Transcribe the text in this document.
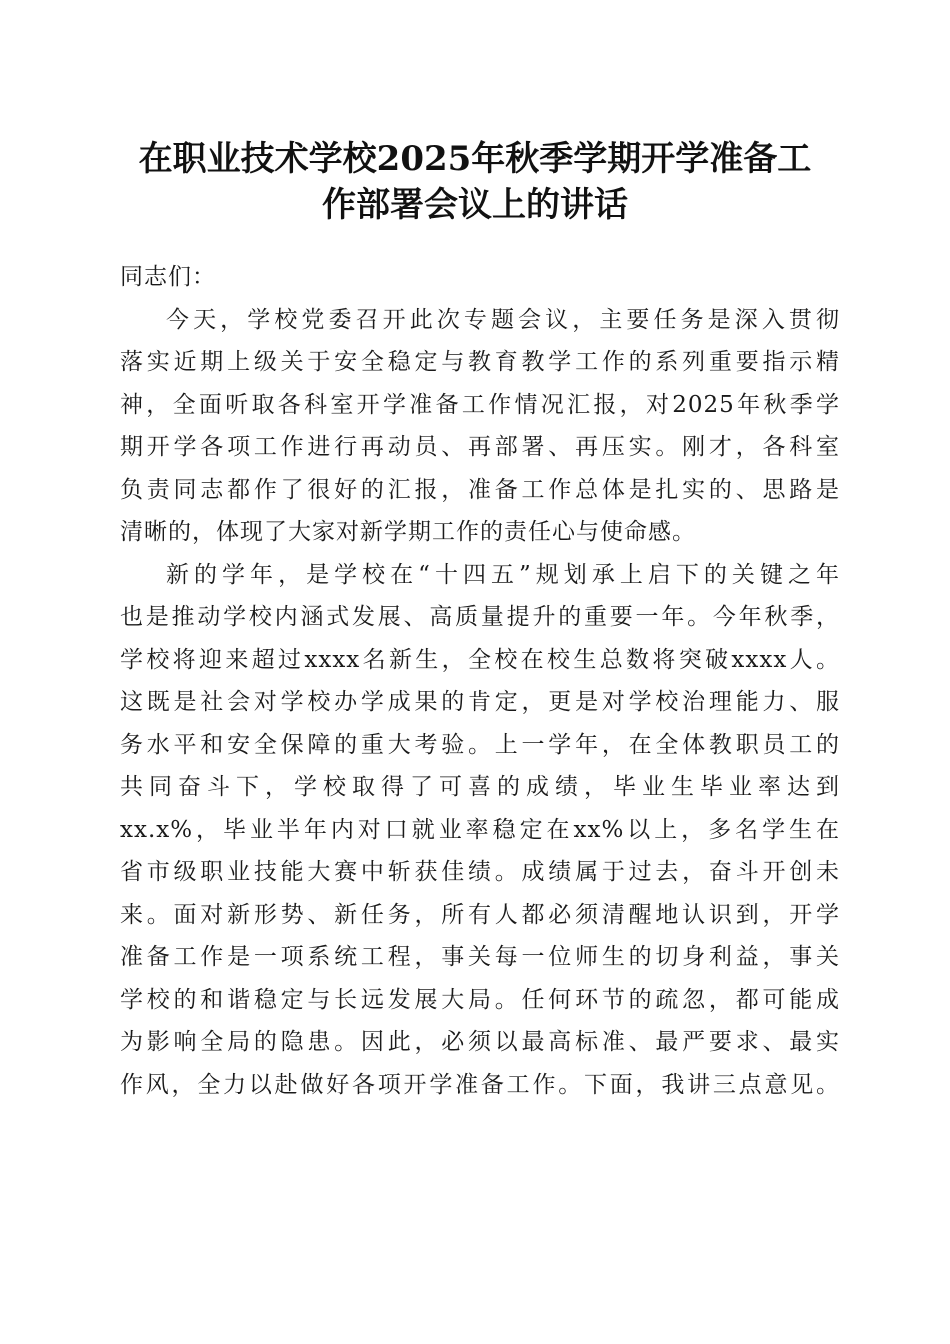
在职业技术学校2025年秋季学期开学准备工
作部署会议上的讲话
同志们：
今天，学校党委召开此次专题会议，主要任务是深入贯彻
落实近期上级关于安全稳定与教育教学工作的系列重要指示精
神，全面听取各科室开学准备工作情况汇报，对2025年秋季学
期开学各项工作进行再动员、再部署、再压实。刚才，各科室
负责同志都作了很好的汇报，准备工作总体是扎实的、思路是
清晰的，体现了大家对新学期工作的责任心与使命感。
新的学年，是学校在“十四五”规划承上启下的关键之年
也是推动学校内涵式发展、高质量提升的重要一年。今年秋季，
学校将迎来超过xxxx名新生，全校在校生总数将突破xxxx人。
这既是社会对学校办学成果的肯定，更是对学校治理能力、服
务水平和安全保障的重大考验。上一学年，在全体教职员工的
共同奋斗下，学校取得了可喜的成绩，毕业生毕业率达到
xx.x%，毕业半年内对口就业率稳定在xx%以上，多名学生在
省市级职业技能大赛中斩获佳绩。成绩属于过去，奋斗开创未
来。面对新形势、新任务，所有人都必须清醒地认识到，开学
准备工作是一项系统工程，事关每一位师生的切身利益，事关
学校的和谐稳定与长远发展大局。任何环节的疏忽，都可能成
为影响全局的隐患。因此，必须以最高标准、最严要求、最实
作风，全力以赴做好各项开学准备工作。下面，我讲三点意见。
